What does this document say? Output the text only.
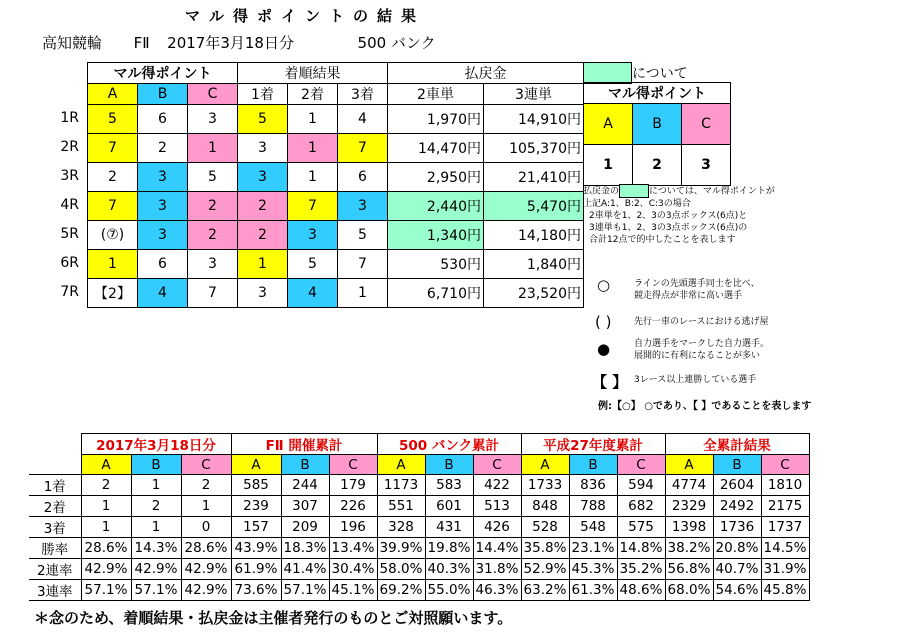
マル得ポイントの結果
高知競輪 FⅡ 2017年3月18日分	500 バンク
	マル得ポイント			着順結果			払戻金	
	A	B	C	1着	2着	3着	2車単	3連単

1R	5	6	3	5	1	4	1,970円	14,910円

2R	7	2	1	3	1	7	14,470円	105,370円

3R	2	3	5	3	1	6	2,950円	21,410円

4R	7	3	2	2	7	3	2,440円	5,470円

5R	(⑦)	3	2	2	3	5	1,340円	14,180円

6R	1	6	3	1	5	7	530円	1,840円

7R	【2】	4	7	3	4	1	6,710円	23,520円
について
マル得ポイント		
A	B	C
1	2	3
払戻金の	については、マル得ポイントが
上記A:1、B:2、C:3の場合
2車単を1、2、3の3点ボックス(6点)と
3連単も1、2、3の3点ボックス(6点)の
合計12点で的中したことを表します
○	ラインの先頭選手同士を比べ、
競走得点が非常に高い選手
( )	先行一車のレースにおける逃げ屋
●	自力選手をマークした自力選手。
展開的に有利になることが多い
【 】 3レース以上連勝している選手
例:【○】 ○であり、【 】であることを表します
	2017年3月18日分			FⅡ 開催累計			500 バンク累計			平成27年度累計			全累計結果		
	A	B	C	A	B	C	A	B	C	A	B	C	A	B	C
1着	2	1	2	585	244	179	1173	583	422	1733	836	594	4774	2604	1810
2着	1	2	1	239	307	226	551	601	513	848	788	682	2329	2492	2175
3着	1	1	0	157	209	196	328	431	426	528	548	575	1398	1736	1737
勝率	28.6%	14.3%	28.6%	43.9%	18.3%	13.4%	39.9%	19.8%	14.4%	35.8%	23.1%	14.8%	38.2%	20.8%	14.5%
2連率	42.9%	42.9%	42.9%	61.9%	41.4%	30.4%	58.0%	40.3%	31.8%	52.9%	45.3%	35.2%	56.8%	40.7%	31.9%
3連率	57.1%	57.1%	42.9%	73.6%	57.1%	45.1%	69.2%	55.0%	46.3%	63.2%	61.3%	48.6%	68.0%	54.6%	45.8%
＊念のため、着順結果・払戻金は主催者発行のものとご対照願います。
